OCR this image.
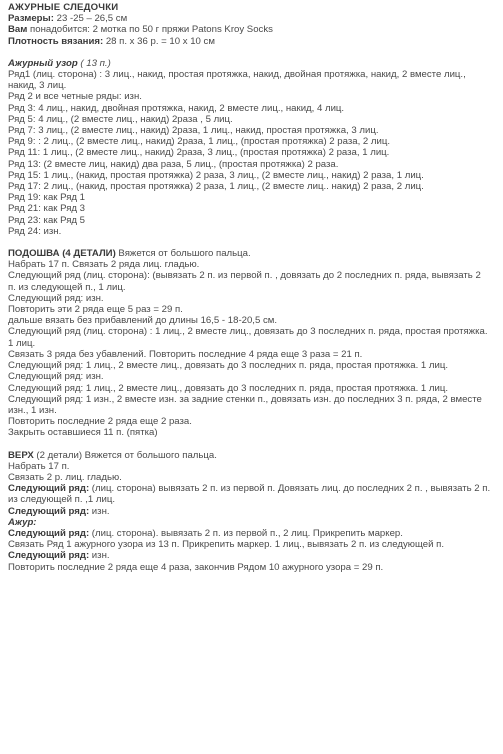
АЖУРНЫЕ СЛЕДОЧКИ
Размеры: 23 -25 – 26,5 см
Вам понадобится: 2 мотка по 50 г пряжи Patons Kroy Socks
Плотность вязания: 28 п. х 36 р. = 10 х 10 см
Ажурный узор ( 13 п.)
Ряд1 (лиц. сторона) : 3 лиц., накид, простая протяжка, накид, двойная протяжка, накид, 2 вместе лиц., накид, 3 лиц.
Ряд 2 и все четные ряды: изн.
Ряд 3: 4 лиц., накид, двойная протяжка, накид, 2 вместе лиц., накид, 4 лиц.
Ряд 5: 4 лиц., (2 вместе лиц., накид) 2раза , 5 лиц.
Ряд 7: 3 лиц., (2 вместе лиц., накид) 2раза, 1 лиц., накид, простая протяжка, 3 лиц.
Ряд 9: : 2 лиц., (2 вместе лиц., накид) 2раза, 1 лиц., (простая протяжка) 2 раза, 2 лиц.
Ряд 11: 1 лиц., (2 вместе лиц., накид) 2раза, 3 лиц., (простая протяжка) 2 раза, 1 лиц.
Ряд 13: (2 вместе лиц, накид) два раза, 5 лиц., (простая протяжка) 2 раза.
Ряд 15: 1 лиц., (накид, простая протяжка) 2 раза, 3 лиц., (2 вместе лиц., накид) 2 раза, 1 лиц.
Ряд 17: 2 лиц., (накид, простая протяжка) 2 раза, 1 лиц., (2 вместе лиц.. накид) 2 раза, 2 лиц.
Ряд 19: как Ряд 1
Ряд 21: как Ряд 3
Ряд 23: как Ряд 5
Ряд 24: изн.
ПОДОШВА (4 ДЕТАЛИ) Вяжется от большого пальца.
Набрать 17 п. Связать 2 ряда лиц. гладью.
Следующий ряд (лиц. сторона): (вывязать 2 п. из первой п. , довязать до 2 последних п. ряда, вывязать 2 п. из следующей п., 1 лиц.
Следующий ряд: изн.
Повторить эти 2 ряда еще 5 раз = 29 п.
дальше вязать без прибавлений до длины 16,5 - 18-20,5 см.
Следующий ряд (лиц. сторона) : 1 лиц., 2 вместе лиц., довязать до 3 последних п. ряда, простая протяжка. 1 лиц.
Связать 3 ряда без убавлений. Повторить последние 4 ряда еще 3 раза = 21 п.
Следующий ряд: 1 лиц., 2 вместе лиц., довязать до 3 последних п. ряда, простая протяжка. 1 лиц.
Следующий ряд: изн.
Следующий ряд: 1 лиц., 2 вместе лиц., довязать до 3 последних п. ряда, простая протяжка. 1 лиц.
Следующий ряд: 1 изн., 2 вместе изн. за задние стенки п., довязать изн. до последних 3 п. ряда, 2 вместе изн., 1 изн.
Повторить последние 2 ряда еще 2 раза.
Закрыть оставшиеся 11 п. (пятка)
ВЕРХ (2 детали) Вяжется от большого пальца.
Набрать 17 п.
Связать 2 р. лиц. гладью.
Следующий ряд: (лиц. сторона) вывязать 2 п. из первой п. Довязать лиц. до последних 2 п. , вывязать 2 п. из следующей п. ,1 лиц.
Следующий ряд: изн.
Ажур:
Следующий ряд: (лиц. сторона). вывязать 2 п. из первой п., 2 лиц. Прикрепить маркер.
Связать Ряд 1 ажурного узора из 13 п. Прикрепить маркер. 1 лиц., вывязать 2 п. из следующей п.
Следующий ряд: изн.
Повторить последние 2 ряда еще 4 раза, закончив Рядом 10 ажурного узора = 29 п.
